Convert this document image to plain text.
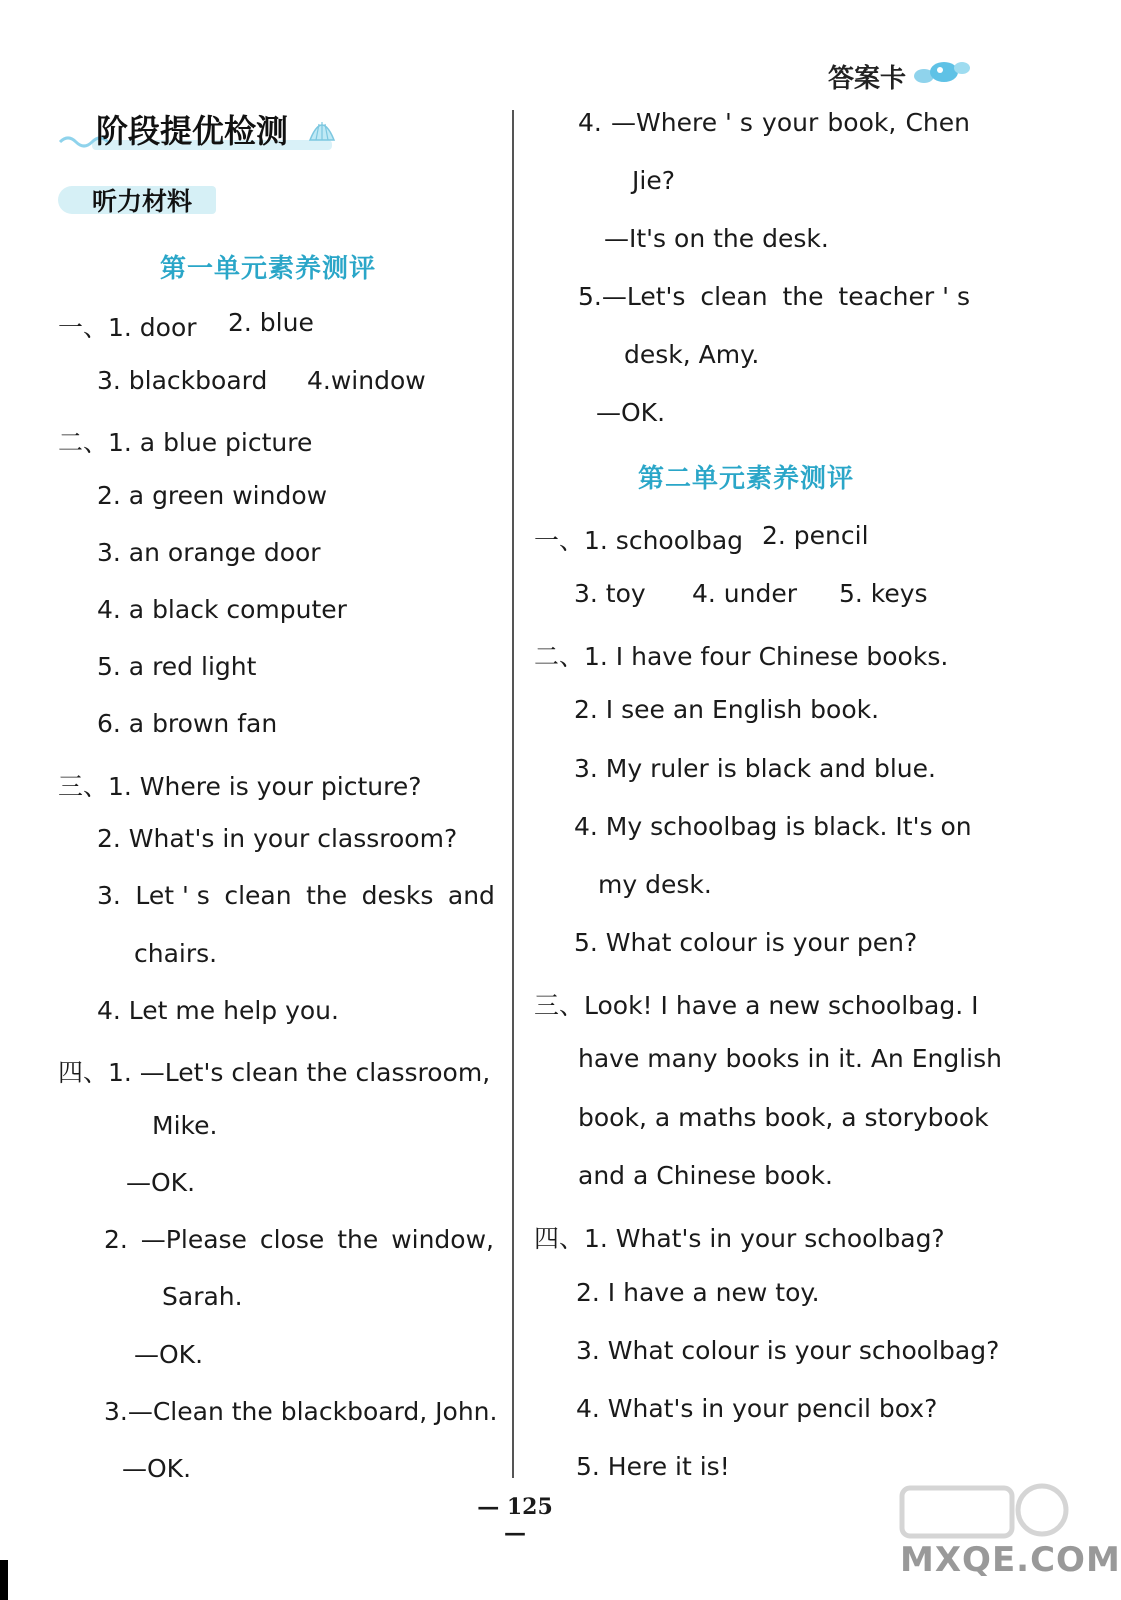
答案卡
阶段提优检测
听力材料
第一单元素养测评
一、1. door 2. blue
3. blackboard 4.window
二、1. a blue picture
2. a green window
3. an orange door
4. a black computer
5. a red light
6. a brown fan
三、1. Where is your picture?
2. What's in your classroom?
3. Let ' s clean the desks and
chairs.
4. Let me help you.
四、1. —Let's clean the classroom,
Mike.
—OK.
2. —Please close the window,
Sarah.
—OK.
3.—Clean the blackboard, John.
—OK.
4. —Where ' s your book, Chen
Jie?
—It's on the desk.
5.—Let's clean the teacher ' s
desk, Amy.
—OK.
第二单元素养测评
一、1. schoolbag 2. pencil
3. toy 4. under 5. keys
二、1. I have four Chinese books.
2. I see an English book.
3. My ruler is black and blue.
4. My schoolbag is black. It's on
my desk.
5. What colour is your pen?
三、Look! I have a new schoolbag. I
have many books in it. An English
book, a maths book, a storybook
and a Chinese book.
四、1. What's in your schoolbag?
2. I have a new toy.
3. What colour is your schoolbag?
4. What's in your pencil box?
5. Here it is!
— 125 —
MXQE.COM
